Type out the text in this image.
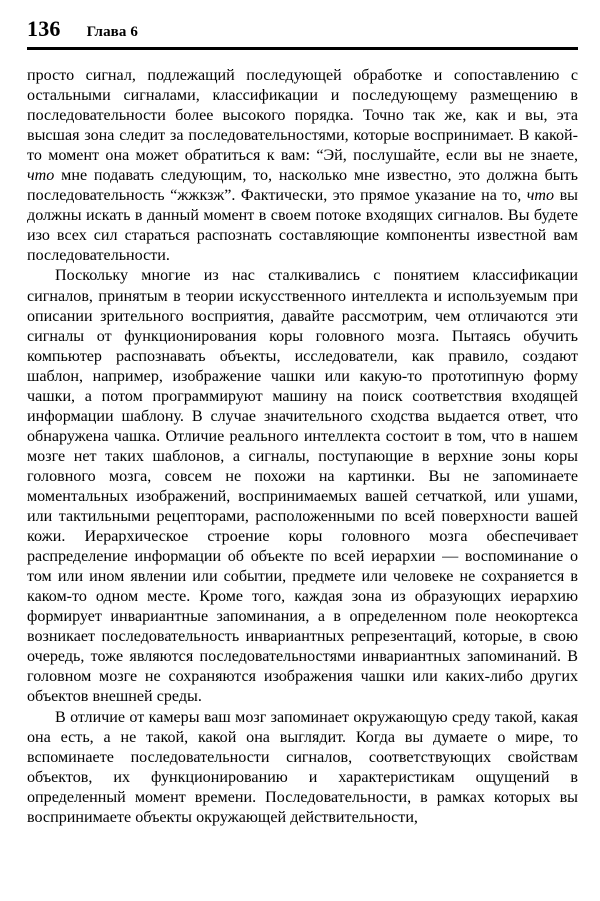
136 Глава 6

просто сигнал, подлежащий последующей обработке и сопоставлению с остальными сигналами, классификации и последующему размещению в последовательности более высокого порядка. Точно так же, как и вы, эта высшая зона следит за последовательностями, которые воспринимает. В какой-то момент она может обратиться к вам: “Эй, послушайте, если вы не знаете, что мне подавать следующим, то, насколько мне известно, это должна быть последовательность “жжкзж”. Фактически, это прямое указание на то, что вы должны искать в данный момент в своем потоке входящих сигналов. Вы будете изо всех сил стараться распознать составляющие компоненты известной вам последовательности.

Поскольку многие из нас сталкивались с понятием классификации сигналов, принятым в теории искусственного интеллекта и используемым при описании зрительного восприятия, давайте рассмотрим, чем отличаются эти сигналы от функционирования коры головного мозга. Пытаясь обучить компьютер распознавать объекты, исследователи, как правило, создают шаблон, например, изображение чашки или какую-то прототипную форму чашки, а потом программируют машину на поиск соответствия входящей информации шаблону. В случае значительного сходства выдается ответ, что обнаружена чашка. Отличие реального интеллекта состоит в том, что в нашем мозге нет таких шаблонов, а сигналы, поступающие в верхние зоны коры головного мозга, совсем не похожи на картинки. Вы не запоминаете моментальных изображений, воспринимаемых вашей сетчаткой, или ушами, или тактильными рецепторами, расположенными по всей поверхности вашей кожи. Иерархическое строение коры головного мозга обеспечивает распределение информации об объекте по всей иерархии — воспоминание о том или ином явлении или событии, предмете или человеке не сохраняется в каком-то одном месте. Кроме того, каждая зона из образующих иерархию формирует инвариантные запоминания, а в определенном поле неокортекса возникает последовательность инвариантных репрезентаций, которые, в свою очередь, тоже являются последовательностями инвариантных запоминаний. В головном мозге не сохраняются изображения чашки или каких-либо других объектов внешней среды.

В отличие от камеры ваш мозг запоминает окружающую среду такой, какая она есть, а не такой, какой она выглядит. Когда вы думаете о мире, то вспоминаете последовательности сигналов, соответствующих свойствам объектов, их функционированию и характеристикам ощущений в определенный момент времени. Последовательности, в рамках которых вы воспринимаете объекты окружающей действительности,
